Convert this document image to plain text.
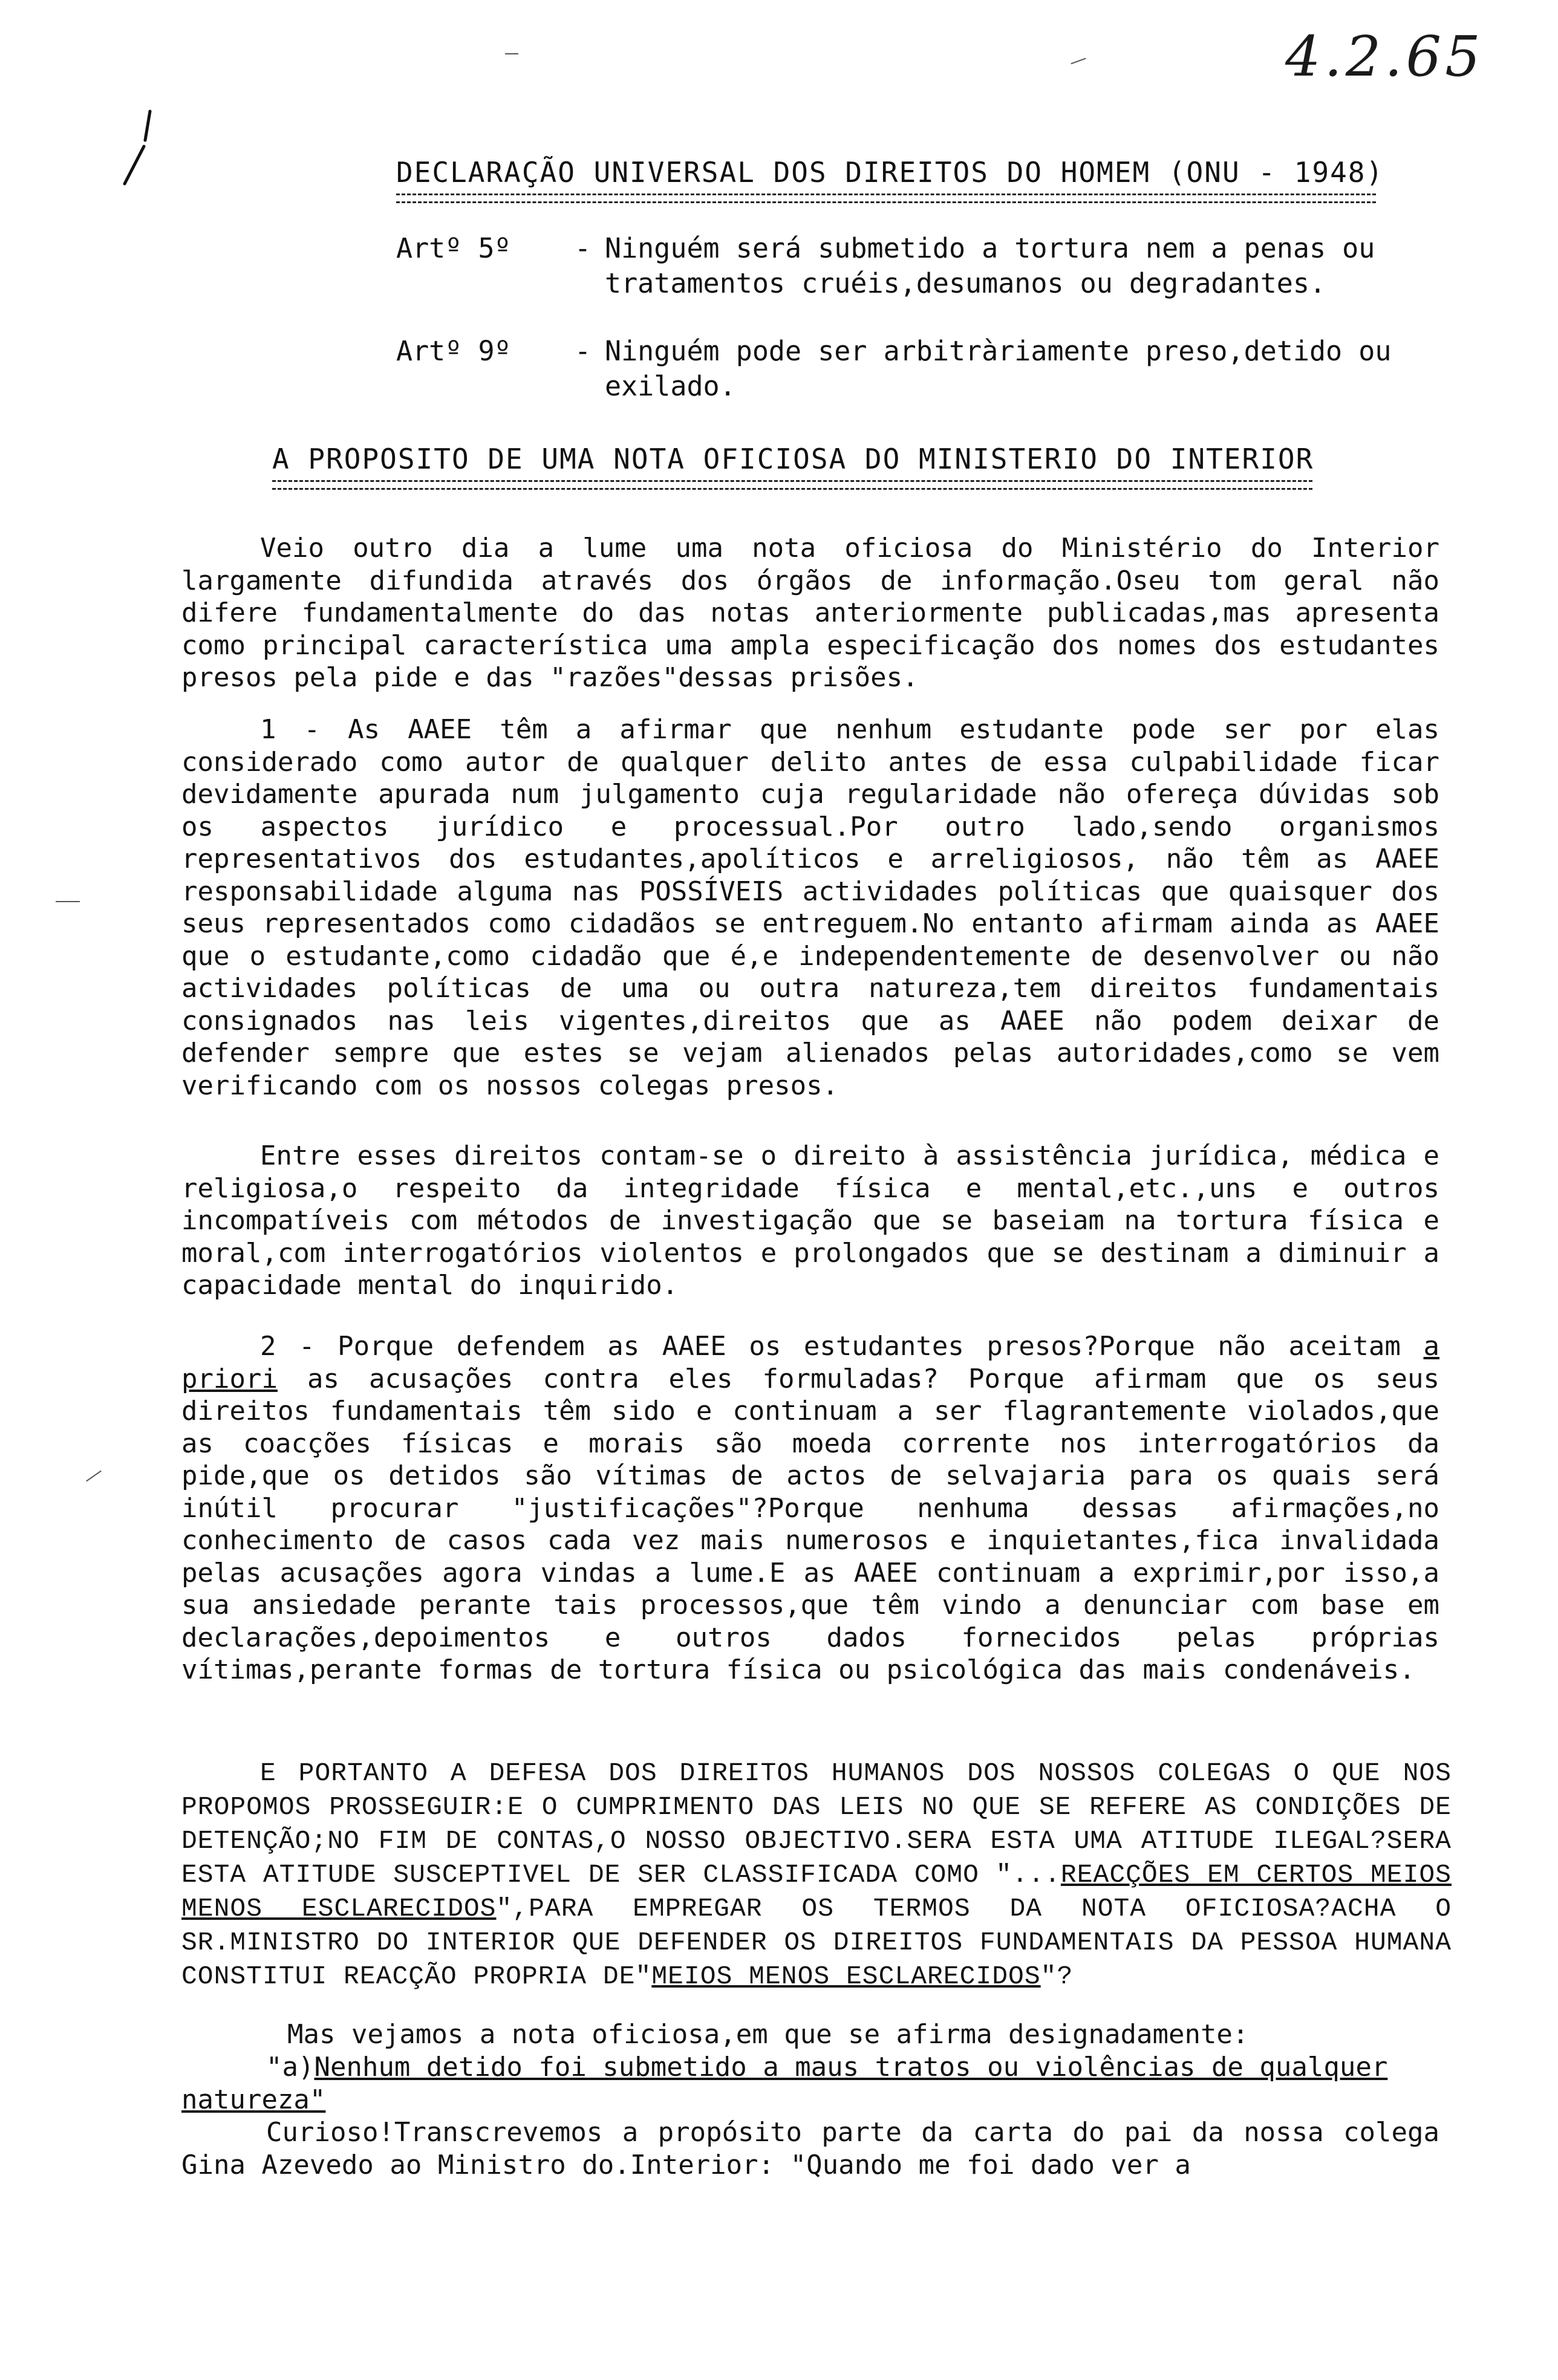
4.2.65
DECLARAÇÃO UNIVERSAL DOS DIREITOS DO HOMEM (ONU - 1948)
Artº 5º - Ninguém será submetido a tortura nem a penas ou tratamentos cruéis,desumanos ou degradantes.
Artº 9º - Ninguém pode ser arbitràriamente preso,detido ou exilado.
A PROPOSITO DE UMA NOTA OFICIOSA DO MINISTERIO DO INTERIOR

Veio outro dia a lume uma nota oficiosa do Ministério do Interior largamente difundida através dos órgãos de informação.Oseu tom geral não difere fundamentalmente do das notas anteriormente publicadas,mas apresenta como principal característica uma ampla especificação dos nomes dos estudantes presos pela pide e das "razões"dessas prisões.

1 - As AAEE têm a afirmar que nenhum estudante pode ser por elas considerado como autor de qualquer delito antes de essa culpabilidade ficar devidamente apurada num julgamento cuja regularidade não ofereça dúvidas sob os aspectos jurídico e processual.Por outro lado,sendo organismos representativos dos estudantes,apolíticos e arreligiosos, não têm as AAEE responsabilidade alguma nas POSSÍVEIS actividades políticas que quaisquer dos seus representados como cidadãos se entreguem.No entanto afirmam ainda as AAEE que o estudante,como cidadão que é,e independentemente de desenvolver ou não actividades políticas de uma ou outra natureza,tem direitos fundamentais consignados nas leis vigentes,direitos que as AAEE não podem deixar de defender sempre que estes se vejam alienados pelas autoridades,como se vem verificando com os nossos colegas presos.

Entre esses direitos contam-se o direito à assistência jurídica, médica e religiosa,o respeito da integridade física e mental,etc.,uns e outros incompatíveis com métodos de investigação que se baseiam na tortura física e moral,com interrogatórios violentos e prolongados que se destinam a diminuir a capacidade mental do inquirido.

2 - Porque defendem as AAEE os estudantes presos?Porque não aceitam a priori as acusações contra eles formuladas? Porque afirmam que os seus direitos fundamentais têm sido e continuam a ser flagrantemente violados,que as coacções físicas e morais são moeda corrente nos interrogatórios da pide,que os detidos são vítimas de actos de selvajaria para os quais será inútil procurar "justificações"?Porque nenhuma dessas afirmações,no conhecimento de casos cada vez mais numerosos e inquietantes,fica invalidada pelas acusações agora vindas a lume.E as AAEE continuam a exprimir,por isso,a sua ansiedade perante tais processos,que têm vindo a denunciar com base em declarações,depoimentos e outros dados fornecidos pelas próprias vítimas,perante formas de tortura física ou psicológica das mais condenáveis.

E PORTANTO A DEFESA DOS DIREITOS HUMANOS DOS NOSSOS COLEGAS O QUE NOS PROPOMOS PROSSEGUIR:E O CUMPRIMENTO DAS LEIS NO QUE SE REFERE AS CONDIÇÕES DE DETENÇÃO;NO FIM DE CONTAS,O NOSSO OBJECTIVO.SERA ESTA UMA ATITUDE ILEGAL?SERA ESTA ATITUDE SUSCEPTIVEL DE SER CLASSIFICADA COMO "...REACÇÕES EM CERTOS MEIOS MENOS ESCLARECIDOS",PARA EMPREGAR OS TERMOS DA NOTA OFICIOSA?ACHA O SR.MINISTRO DO INTERIOR QUE DEFENDER OS DIREITOS FUNDAMENTAIS DA PESSOA HUMANA CONSTITUI REACÇÃO PROPRIA DE"MEIOS MENOS ESCLARECIDOS"?

Mas vejamos a nota oficiosa,em que se afirma designadamente:

"a)Nenhum detido foi submetido a maus tratos ou violências de qualquer natureza"

Curioso!Transcrevemos a propósito parte da carta do pai da nossa colega Gina Azevedo ao Ministro do.Interior: "Quando me foi dado ver a
